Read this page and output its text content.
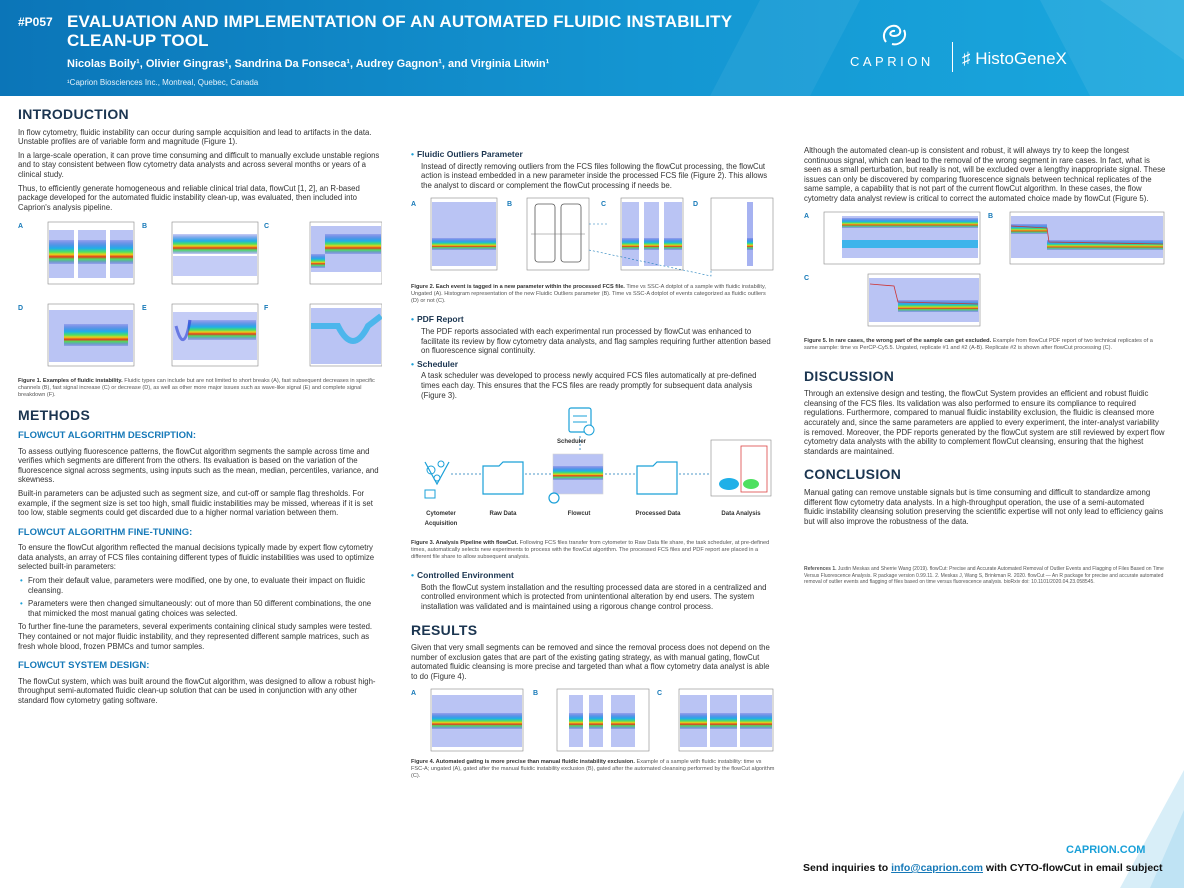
#P057 EVALUATION AND IMPLEMENTATION OF AN AUTOMATED FLUIDIC INSTABILITY CLEAN-UP TOOL
Nicolas Boily¹, Olivier Gingras¹, Sandrina Da Fonseca¹, Audrey Gagnon¹, and Virginia Litwin¹
¹Caprion Biosciences Inc., Montreal, Quebec, Canada
CAPRION ♯ HistoGeneX
INTRODUCTION

In flow cytometry, fluidic instability can occur during sample acquisition and lead to artifacts in the data. Unstable profiles are of variable form and magnitude (Figure 1).

In a large-scale operation, it can prove time consuming and difficult to manually exclude unstable regions and to stay consistent between flow cytometry data analysts and across several months or years of a clinical study.

Thus, to efficiently generate homogeneous and reliable clinical trial data, flowCut [1, 2], an R-based package developed for the automated fluidic instability clean-up, was evaluated, then included into Caprion's analysis pipeline.

A	B	C
D	E	F
Figure 1. Examples of fluidic instability. Fluidic types can include but are not limited to short breaks (A), fast subsequent decreases in specific channels (B), fast signal increase (C) or decrease (D), as well as other more major issues such as wave-like signal (E) and complete signal breakdown (F).
METHODS
FLOWCUT ALGORITHM DESCRIPTION:

To assess outlying fluorescence patterns, the flowCut algorithm segments the sample across time and verifies which segments are different from the others. Its evaluation is based on the variation of the fluorescence signal across segments, using inputs such as the mean, median, percentiles, variance, and skewness.

Built-in parameters can be adjusted such as segment size, and cut-off or sample flag thresholds. For example, if the segment size is set too high, small fluidic instabilities may be missed, whereas if it is set too low, stable segments could get discarded due to a higher normal variation between them.

FLOWCUT ALGORITHM FINE-TUNING:

To ensure the flowCut algorithm reflected the manual decisions typically made by expert flow cytometry data analysts, an array of FCS files containing different types of fluidic instabilities was used to optimize selected built-in parameters:

• From their default value, parameters were modified, one by one, to evaluate their impact on fluidic cleansing.

• Parameters were then changed simultaneously: out of more than 50 different combinations, the one that mimicked the most manual gating choices was selected.

To further fine-tune the parameters, several experiments containing clinical study samples were tested. They contained or not major fluidic instability, and they represented different sample matrices, such as fresh whole blood, frozen PBMCs and tumor samples.

FLOWCUT SYSTEM DESIGN:

The flowCut system, which was built around the flowCut algorithm, was designed to allow a robust high-throughput semi-automated fluidic clean-up solution that can be used in conjunction with any other standard flow cytometry gating software.

• Fluidic Outliers Parameter

Instead of directly removing outliers from the FCS files following the flowCut processing, the flowCut action is instead embedded in a new parameter inside the processed FCS file (Figure 2). This allows the analyst to discard or complement the flowCut processing if needs be.

A	B	C	D
Figure 2. Each event is tagged in a new parameter within the processed FCS file. Time vs SSC-A dotplot of a sample with fluidic instability, Ungated (A). Histogram representation of the new Fluidic Outliers parameter (B). Time vs SSC-A dotplot of events categorized as fluidic outliers (D) or not (C).
• PDF Report

The PDF reports associated with each experimental run processed by flowCut was enhanced to facilitate its review by flow cytometry data analysts, and flag samples requiring further attention based on fluorescence signal continuity.

• Scheduler

A task scheduler was developed to process newly acquired FCS files automatically at pre-defined times each day. This ensures that the FCS files are ready promptly for subsequent data analysis (Figure 3).

Scheduler
Cytometer Acquisition
Raw Data	Flowcut	Processed Data	Data Analysis
Figure 3. Analysis Pipeline with flowCut. Following FCS files transfer from cytometer to Raw Data file share, the task scheduler, at pre-defined times, automatically selects new experiments to process with the flowCut algorithm. The processed FCS files and PDF report are placed in a different file share to allow subsequent analysis.
• Controlled Environment

Both the flowCut system installation and the resulting processed data are stored in a centralized and controlled environment which is protected from unintentional alteration by end users. The system installation was validated and is maintained using a rigorous change control process.

RESULTS

Given that very small segments can be removed and since the removal process does not depend on the number of exclusion gates that are part of the existing gating strategy, as with manual gating, flowCut automated fluidic cleansing is more precise and targeted than what a flow cytometry data analyst is able to do (Figure 4).

A	B	C
Figure 4. Automated gating is more precise than manual fluidic instability exclusion. Example of a sample with fluidic instability: time vs FSC-A; ungated (A), gated after the manual fluidic instability exclusion (B), gated after the automated cleansing performed by the flowCut algorithm (C).

Although the automated clean-up is consistent and robust, it will always try to keep the longest continuous signal, which can lead to the removal of the wrong segment in rare cases. In fact, what is seen as a small perturbation, but really is not, will be excluded over a lengthy inappropriate signal. These issues can only be discovered by comparing fluorescence signals between technical replicates of the same sample, a capability that is not part of the current flowCut algorithm. In these cases, the flow cytometry data analyst review is critical to correct the automated choice made by flowCut (Figure 5).

A	B
C
Figure 5. In rare cases, the wrong part of the sample can get excluded. Example from flowCut PDF report of two technical replicates of a same sample: time vs PerCP-Cy5.5. Ungated, replicate #1 and #2 (A-B). Replicate #2 is shown after flowCut processing (C).
DISCUSSION

Through an extensive design and testing, the flowCut System provides an efficient and robust fluidic cleansing of the FCS files. Its validation was also performed to ensure its compliance to required regulations. Furthermore, compared to manual fluidic instability exclusion, the fluidic is cleansed more accurately and, since the same parameters are applied to every experiment, the inter-analyst variability is removed. Moreover, the PDF reports generated by the flowCut system are still reviewed by expert flow cytometry data analysts with the ability to complement flowCut cleansing, ensuring that the highest standards are maintained.

CONCLUSION

Manual gating can remove unstable signals but is time consuming and difficult to standardize among different flow cytometry data analysts. In a high-throughput operation, the use of a semi-automated fluidic instability cleansing solution preserving the scientific expertise will not only lead to efficiency gains but will also improve the robustness of the data.

References 1. Justin Meskas and Sherrie Wang (2019). flowCut: Precise and Accurate Automated Removal of Outlier Events and Flagging of Files Based on Time Versus Fluorescence Analysis. R package version 0.99.11. 2. Meskas J, Wang S, Brinkman R. 2020. flowCut — An R package for precise and accurate automated removal of outlier events and flagging of files based on time versus fluorescence analysis. bioRxiv doi: 10.1101/2020.04.23.058545.
CAPRION.COM
Send inquiries to info@caprion.com with CYTO-flowCut in email subject
